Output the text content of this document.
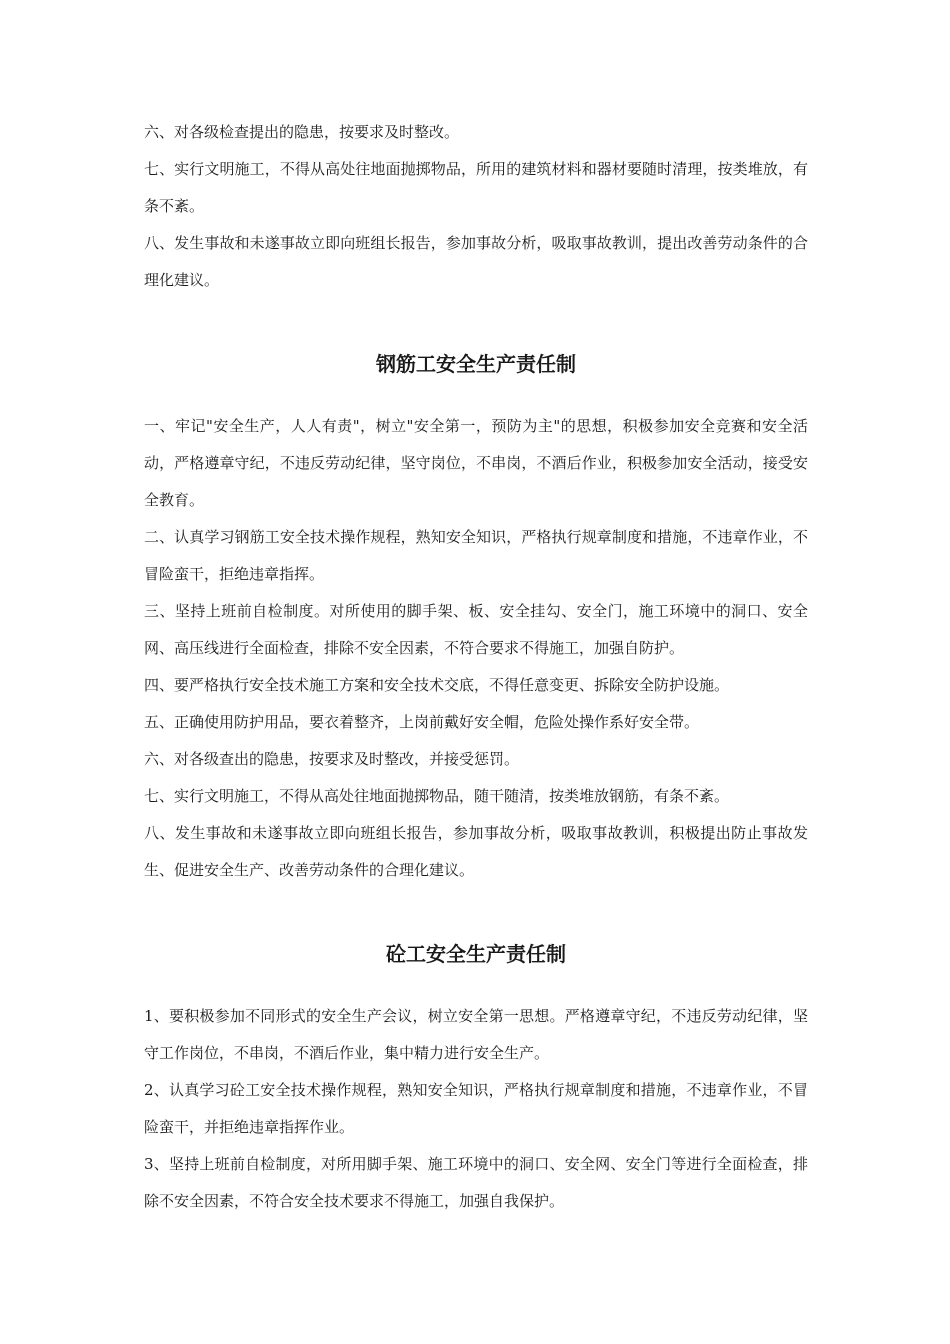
六、对各级检查提出的隐患，按要求及时整改。

七、实行文明施工，不得从高处往地面抛掷物品，所用的建筑材料和器材要随时清理，按类堆放，有条不紊。

八、发生事故和未遂事故立即向班组长报告，参加事故分析，吸取事故教训，提出改善劳动条件的合理化建议。

钢筋工安全生产责任制

一、牢记"安全生产，人人有责"，树立"安全第一，预防为主"的思想，积极参加安全竞赛和安全活动，严格遵章守纪，不违反劳动纪律，坚守岗位，不串岗，不酒后作业，积极参加安全活动，接受安全教育。

二、认真学习钢筋工安全技术操作规程，熟知安全知识，严格执行规章制度和措施，不违章作业，不冒险蛮干，拒绝违章指挥。

三、坚持上班前自检制度。对所使用的脚手架、板、安全挂勾、安全门，施工环境中的洞口、安全网、高压线进行全面检查，排除不安全因素，不符合要求不得施工，加强自防护。

四、要严格执行安全技术施工方案和安全技术交底，不得任意变更、拆除安全防护设施。

五、正确使用防护用品，要衣着整齐，上岗前戴好安全帽，危险处操作系好安全带。

六、对各级查出的隐患，按要求及时整改，并接受惩罚。

七、实行文明施工，不得从高处往地面抛掷物品，随干随清，按类堆放钢筋，有条不紊。

八、发生事故和未遂事故立即向班组长报告，参加事故分析，吸取事故教训，积极提出防止事故发生、促进安全生产、改善劳动条件的合理化建议。

砼工安全生产责任制

1、要积极参加不同形式的安全生产会议，树立安全第一思想。严格遵章守纪，不违反劳动纪律，坚守工作岗位，不串岗，不酒后作业，集中精力进行安全生产。

2、认真学习砼工安全技术操作规程，熟知安全知识，严格执行规章制度和措施，不违章作业，不冒险蛮干，并拒绝违章指挥作业。

3、坚持上班前自检制度，对所用脚手架、施工环境中的洞口、安全网、安全门等进行全面检查，排除不安全因素，不符合安全技术要求不得施工，加强自我保护。
